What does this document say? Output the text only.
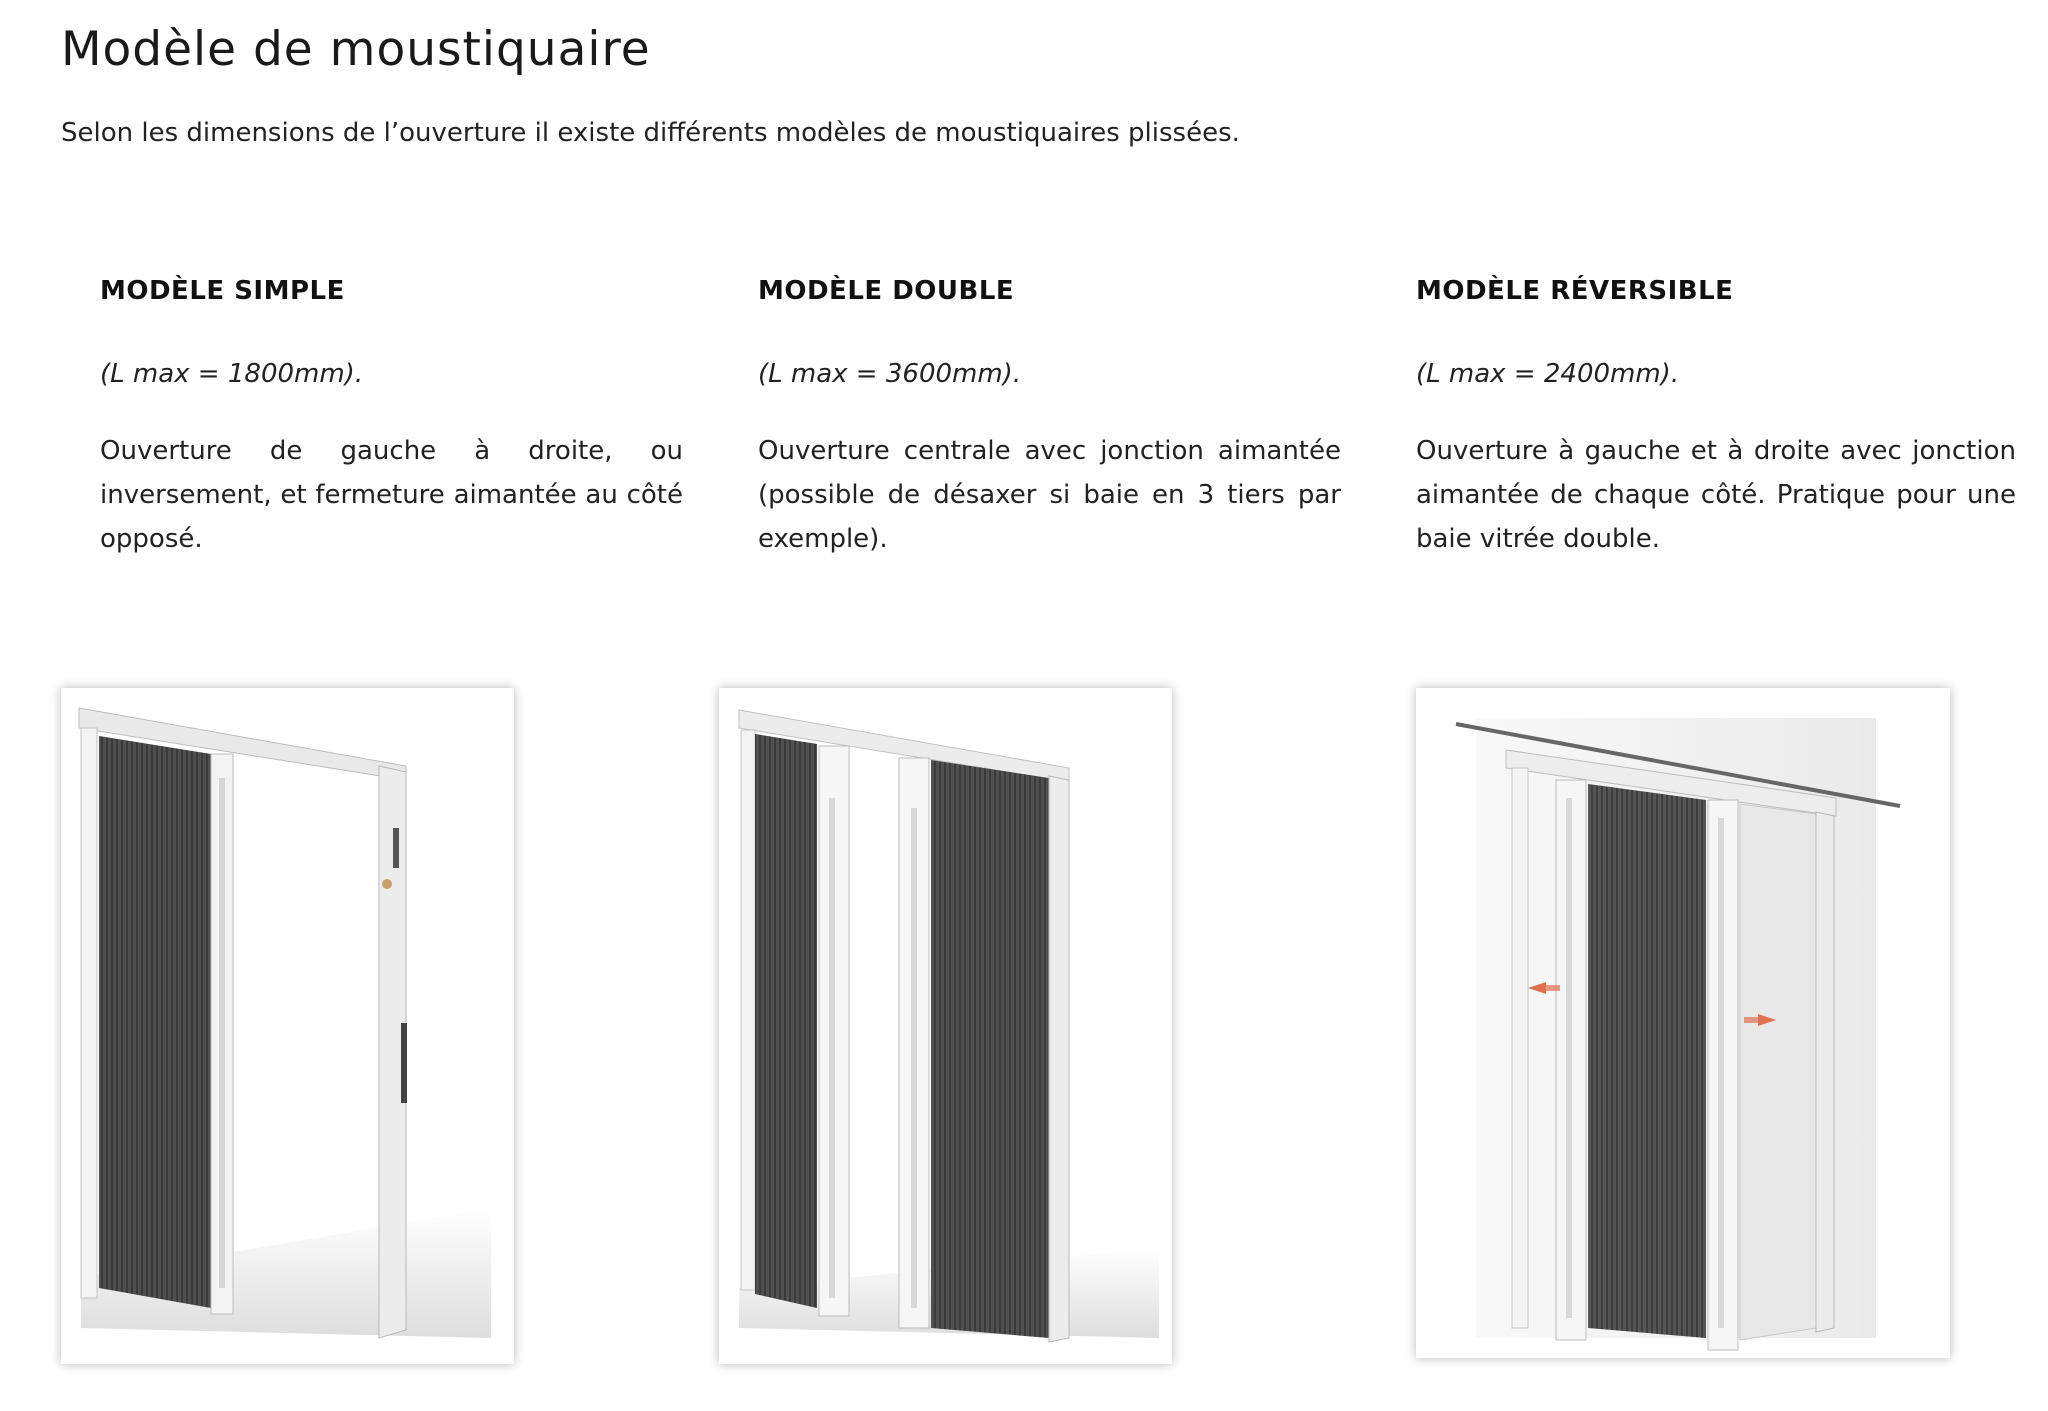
Modèle de moustiquaire

Selon les dimensions de l’ouverture il existe différents modèles de moustiquaires plissées.

MODÈLE SIMPLE

(L max = 1800mm).

Ouverture de gauche à droite, ou inversement, et fermeture aimantée au côté opposé.

MODÈLE DOUBLE

(L max = 3600mm).

Ouverture centrale avec jonction aimantée (possible de désaxer si baie en 3 tiers par exemple).

MODÈLE RÉVERSIBLE

(L max = 2400mm).

Ouverture à gauche et à droite avec jonction aimantée de chaque côté. Pratique pour une baie vitrée double.
